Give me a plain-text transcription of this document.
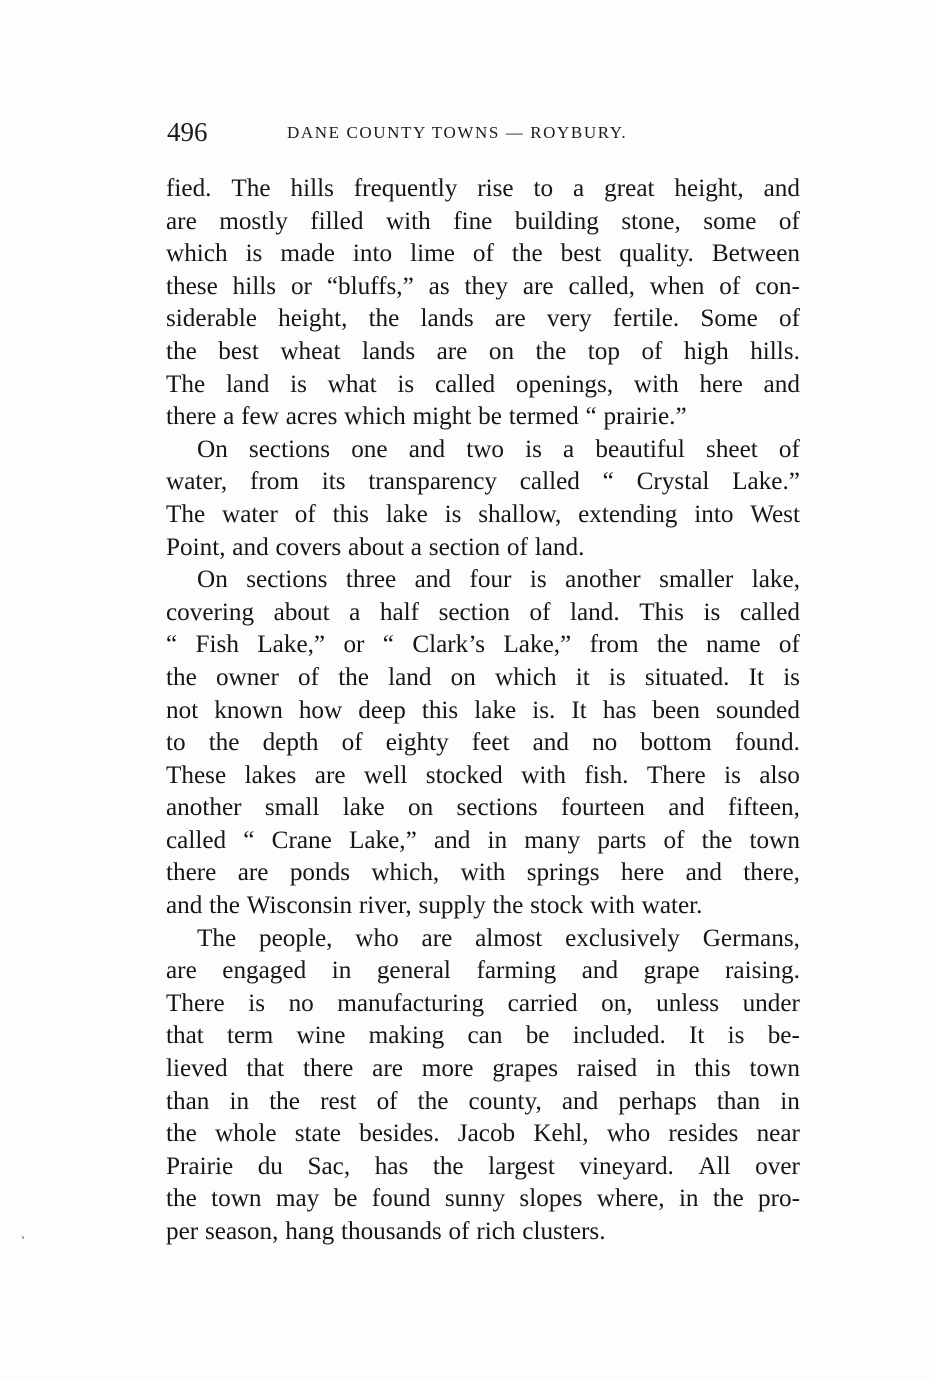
496	DANE COUNTY TOWNS — ROYBURY.
fied. The hills frequently rise to a great height, and
are mostly filled with fine building stone, some of
which is made into lime of the best quality. Between
these hills or “bluffs,” as they are called, when of con-
siderable height, the lands are very fertile. Some of
the best wheat lands are on the top of high hills.
The land is what is called openings, with here and
there a few acres which might be termed “ prairie.”
On sections one and two is a beautiful sheet of
water, from its transparency called “ Crystal Lake.”
The water of this lake is shallow, extending into West
Point, and covers about a section of land.
On sections three and four is another smaller lake,
covering about a half section of land. This is called
“ Fish Lake,” or “ Clark’s Lake,” from the name of
the owner of the land on which it is situated. It is
not known how deep this lake is. It has been sounded
to the depth of eighty feet and no bottom found.
These lakes are well stocked with fish. There is also
another small lake on sections fourteen and fifteen,
called “ Crane Lake,” and in many parts of the town
there are ponds which, with springs here and there,
and the Wisconsin river, supply the stock with water.
The people, who are almost exclusively Germans,
are engaged in general farming and grape raising.
There is no manufacturing carried on, unless under
that term wine making can be included. It is be-
lieved that there are more grapes raised in this town
than in the rest of the county, and perhaps than in
the whole state besides. Jacob Kehl, who resides near
Prairie du Sac, has the largest vineyard. All over
the town may be found sunny slopes where, in the pro-
per season, hang thousands of rich clusters.
